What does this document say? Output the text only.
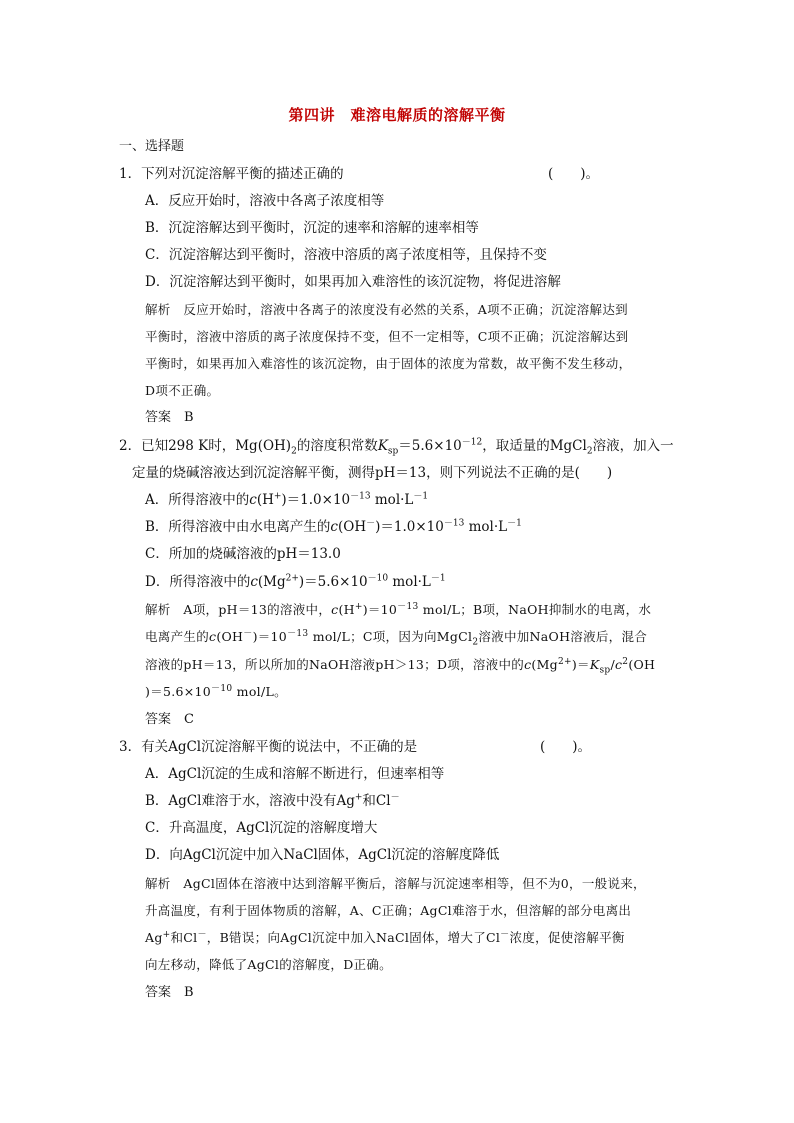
第四讲　难溶电解质的溶解平衡
一、选择题
1．下列对沉淀溶解平衡的描述正确的	(　　)。
A．反应开始时，溶液中各离子浓度相等
B．沉淀溶解达到平衡时，沉淀的速率和溶解的速率相等
C．沉淀溶解达到平衡时，溶液中溶质的离子浓度相等，且保持不变
D．沉淀溶解达到平衡时，如果再加入难溶性的该沉淀物，将促进溶解
解析　反应开始时，溶液中各离子的浓度没有必然的关系，A项不正确；沉淀溶解达到
平衡时，溶液中溶质的离子浓度保持不变，但不一定相等，C项不正确；沉淀溶解达到
平衡时，如果再加入难溶性的该沉淀物，由于固体的浓度为常数，故平衡不发生移动，
D项不正确。
答案　B
2．已知298 K时，$Mg(OH)_2$的溶度积常数$K_{sp}=5.6\times 10^{-12}$，取适量的MgCl$_2$溶液，加入一
定量的烧碱溶液达到沉淀溶解平衡，测得pH＝13，则下列说法不正确的是(　　)
A．所得溶液中的$c(H^+)=1.0\times 10^{-13}$ $mol\cdot L^{-1}$
B．所得溶液中由水电离产生的$c(OH^-)=1.0\times 10^{-13}$ $mol\cdot L^{-1}$
C．所加的烧碱溶液的pH＝13.0
D．所得溶液中的$c(Mg^{2+})=5.6\times 10^{-10}$ $mol\cdot L^{-1}$
解析　A项，pH＝13的溶液中，$c(H^+)=10^{-13}$ mol/L；B项，NaOH抑制水的电离，水
电离产生的$c(OH^-)=10^{-13}$ mol/L；C项，因为向MgCl$_2$溶液中加NaOH溶液后，混合
溶液的pH＝13，所以所加的NaOH溶液pH＞13；D项，溶液中的$c(Mg^{2+})=K_{sp}/c^2(OH$
)$=5.6\times 10^{-10}$ mol/L。
答案　C
3．有关AgCl沉淀溶解平衡的说法中，不正确的是	(　　)。
A．AgCl沉淀的生成和溶解不断进行，但速率相等
B．AgCl难溶于水，溶液中没有Ag+和Cl－
C．升高温度，AgCl沉淀的溶解度增大
D．向AgCl沉淀中加入NaCl固体，AgCl沉淀的溶解度降低
解析　AgCl固体在溶液中达到溶解平衡后，溶解与沉淀速率相等，但不为0，一般说来，
升高温度，有利于固体物质的溶解，A、C正确；AgCl难溶于水，但溶解的部分电离出
Ag+和Cl－，B错误；向AgCl沉淀中加入NaCl固体，增大了Cl－浓度，促使溶解平衡
向左移动，降低了AgCl的溶解度，D正确。
答案　B
